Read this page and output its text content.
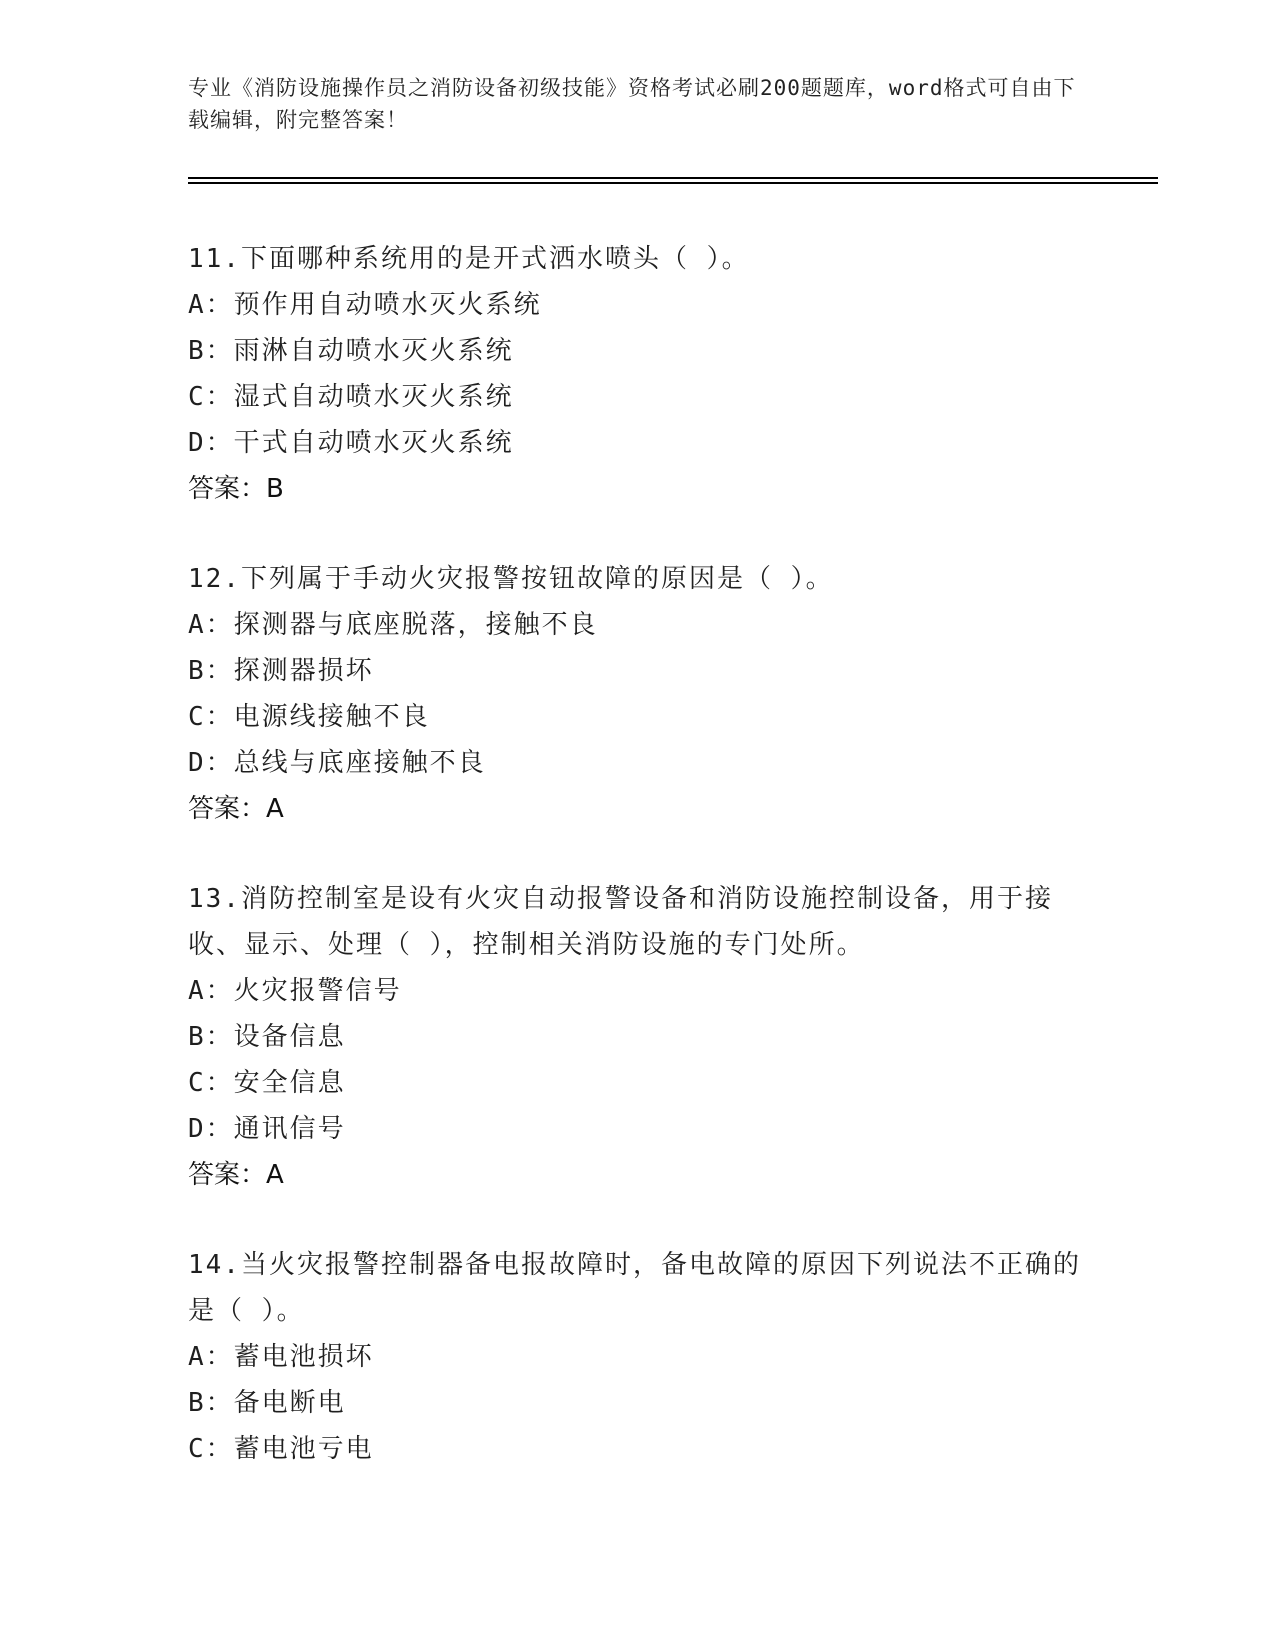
专业《消防设施操作员之消防设备初级技能》资格考试必刷200题题库，word格式可自由下载编辑，附完整答案！
11.下面哪种系统用的是开式洒水喷头（ ）。
A：预作用自动喷水灭火系统
B：雨淋自动喷水灭火系统
C：湿式自动喷水灭火系统
D：干式自动喷水灭火系统
答案：B
12.下列属于手动火灾报警按钮故障的原因是（ ）。
A：探测器与底座脱落，接触不良
B：探测器损坏
C：电源线接触不良
D：总线与底座接触不良
答案：A
13.消防控制室是设有火灾自动报警设备和消防设施控制设备，用于接收、显示、处理（ ），控制相关消防设施的专门处所。
A：火灾报警信号
B：设备信息
C：安全信息
D：通讯信号
答案：A
14.当火灾报警控制器备电报故障时，备电故障的原因下列说法不正确的是（ ）。
A：蓄电池损坏
B：备电断电
C：蓄电池亏电
